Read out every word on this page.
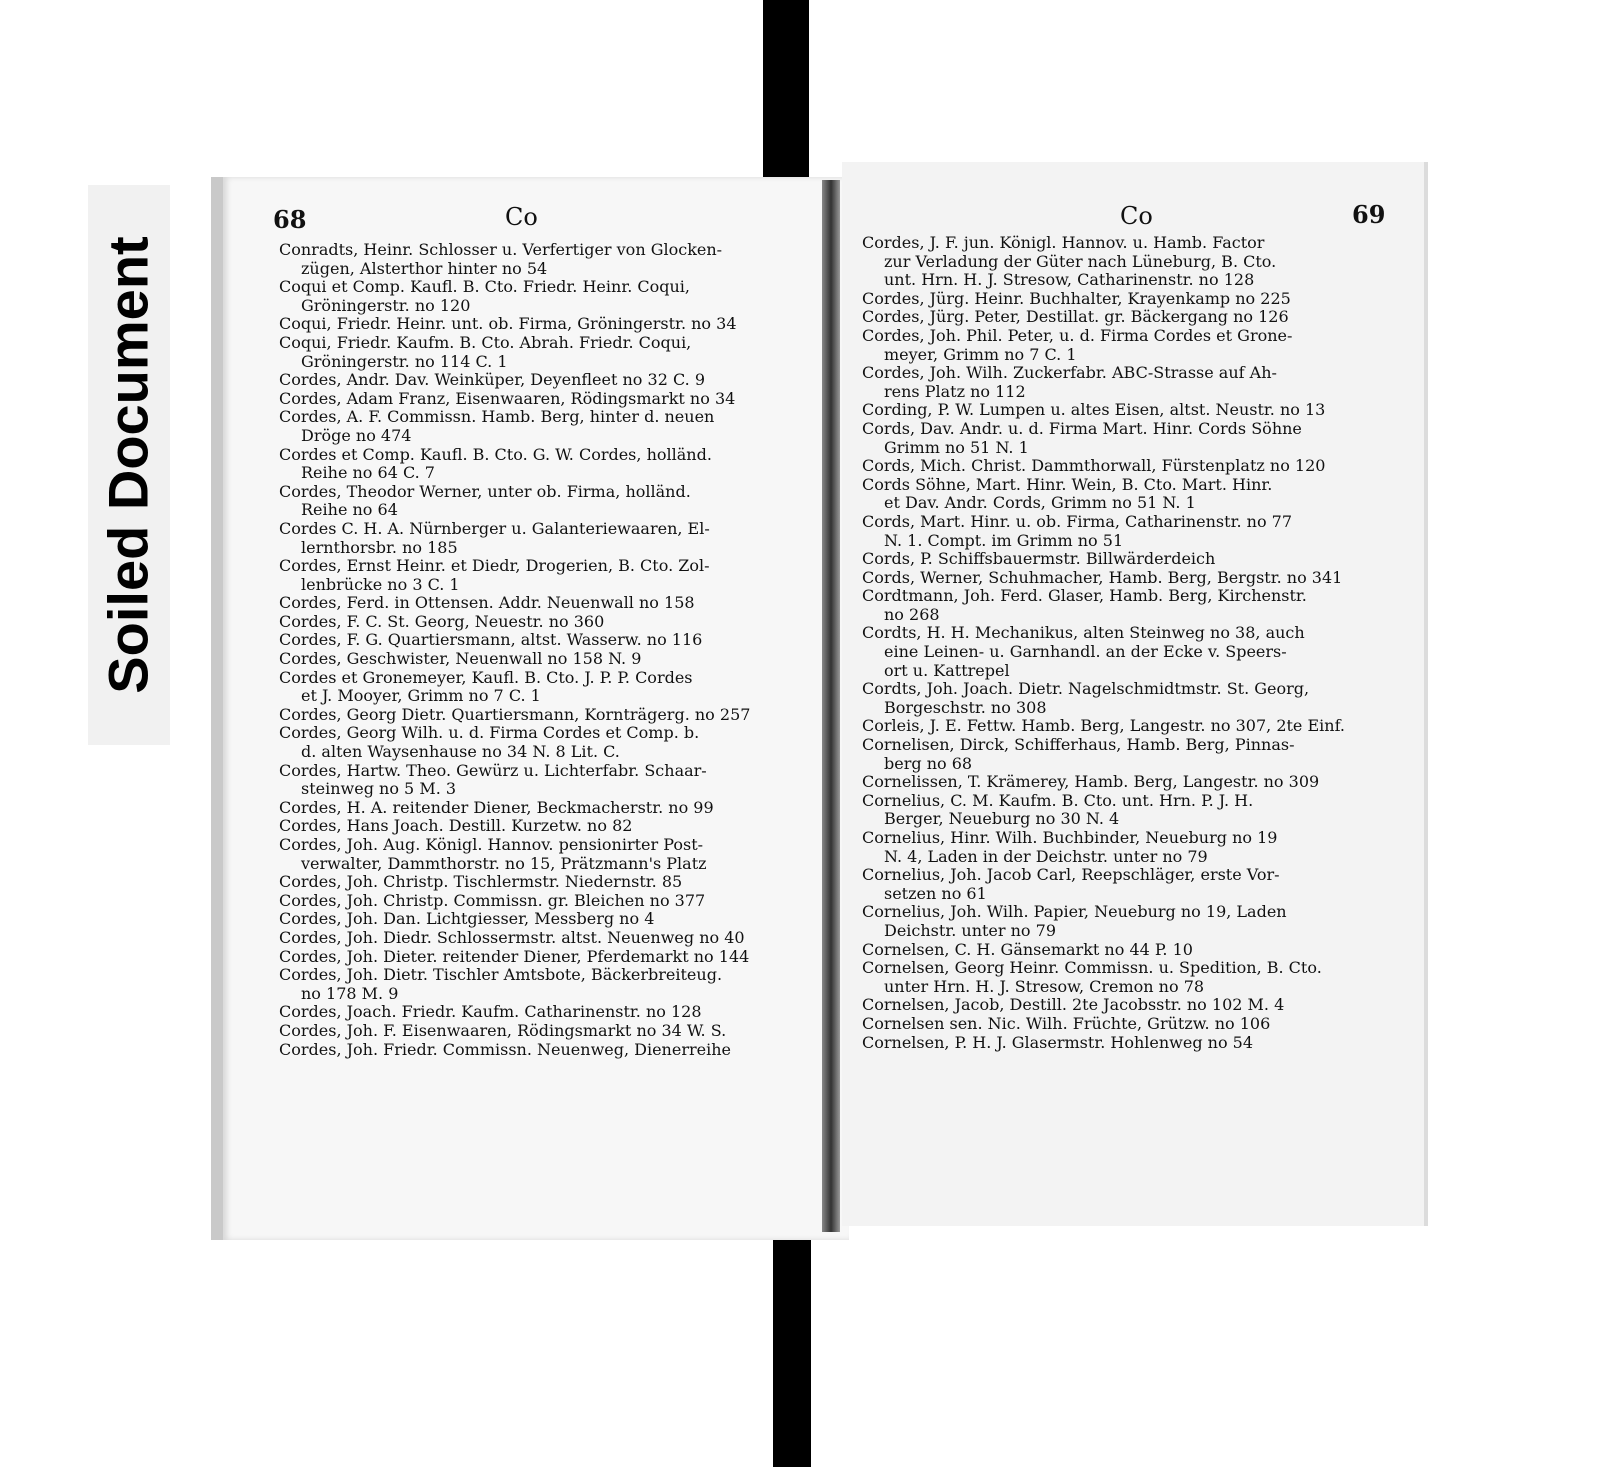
Soiled Document
68	Co
Conradts, Heinr. Schlosser u. Verfertiger von Glocken-
zügen, Alsterthor hinter no 54
Coqui et Comp. Kaufl. B. Cto. Friedr. Heinr. Coqui,
Gröningerstr. no 120
Coqui, Friedr. Heinr. unt. ob. Firma, Gröningerstr. no 34
Coqui, Friedr. Kaufm. B. Cto. Abrah. Friedr. Coqui,
Gröningerstr. no 114 C. 1
Cordes, Andr. Dav. Weinküper, Deyenfleet no 32 C. 9
Cordes, Adam Franz, Eisenwaaren, Rödingsmarkt no 34
Cordes, A. F. Commissn. Hamb. Berg, hinter d. neuen
Dröge no 474
Cordes et Comp. Kaufl. B. Cto. G. W. Cordes, holländ.
Reihe no 64 C. 7
Cordes, Theodor Werner, unter ob. Firma, holländ.
Reihe no 64
Cordes C. H. A. Nürnberger u. Galanteriewaaren, El-
lernthorsbr. no 185
Cordes, Ernst Heinr. et Diedr, Drogerien, B. Cto. Zol-
lenbrücke no 3 C. 1
Cordes, Ferd. in Ottensen. Addr. Neuenwall no 158
Cordes, F. C. St. Georg, Neuestr. no 360
Cordes, F. G. Quartiersmann, altst. Wasserw. no 116
Cordes, Geschwister, Neuenwall no 158 N. 9
Cordes et Gronemeyer, Kaufl. B. Cto. J. P. P. Cordes
et J. Mooyer, Grimm no 7 C. 1
Cordes, Georg Dietr. Quartiersmann, Kornträgerg. no 257
Cordes, Georg Wilh. u. d. Firma Cordes et Comp. b.
d. alten Waysenhause no 34 N. 8 Lit. C.
Cordes, Hartw. Theo. Gewürz u. Lichterfabr. Schaar-
steinweg no 5 M. 3
Cordes, H. A. reitender Diener, Beckmacherstr. no 99
Cordes, Hans Joach. Destill. Kurzetw. no 82
Cordes, Joh. Aug. Königl. Hannov. pensionirter Post-
verwalter, Dammthorstr. no 15, Prätzmann's Platz
Cordes, Joh. Christp. Tischlermstr. Niedernstr. 85
Cordes, Joh. Christp. Commissn. gr. Bleichen no 377
Cordes, Joh. Dan. Lichtgiesser, Messberg no 4
Cordes, Joh. Diedr. Schlossermstr. altst. Neuenweg no 40
Cordes, Joh. Dieter. reitender Diener, Pferdemarkt no 144
Cordes, Joh. Dietr. Tischler Amtsbote, Bäckerbreiteug.
no 178 M. 9
Cordes, Joach. Friedr. Kaufm. Catharinenstr. no 128
Cordes, Joh. F. Eisenwaaren, Rödingsmarkt no 34 W. S.
Cordes, Joh. Friedr. Commissn. Neuenweg, Dienerreihe
Co	69
Cordes, J. F. jun. Königl. Hannov. u. Hamb. Factor
zur Verladung der Güter nach Lüneburg, B. Cto.
unt. Hrn. H. J. Stresow, Catharinenstr. no 128
Cordes, Jürg. Heinr. Buchhalter, Krayenkamp no 225
Cordes, Jürg. Peter, Destillat. gr. Bäckergang no 126
Cordes, Joh. Phil. Peter, u. d. Firma Cordes et Grone-
meyer, Grimm no 7 C. 1
Cordes, Joh. Wilh. Zuckerfabr. ABC-Strasse auf Ah-
rens Platz no 112
Cording, P. W. Lumpen u. altes Eisen, altst. Neustr. no 13
Cords, Dav. Andr. u. d. Firma Mart. Hinr. Cords Söhne
Grimm no 51 N. 1
Cords, Mich. Christ. Dammthorwall, Fürstenplatz no 120
Cords Söhne, Mart. Hinr. Wein, B. Cto. Mart. Hinr.
et Dav. Andr. Cords, Grimm no 51 N. 1
Cords, Mart. Hinr. u. ob. Firma, Catharinenstr. no 77
N. 1. Compt. im Grimm no 51
Cords, P. Schiffsbauermstr. Billwärderdeich
Cords, Werner, Schuhmacher, Hamb. Berg, Bergstr. no 341
Cordtmann, Joh. Ferd. Glaser, Hamb. Berg, Kirchenstr.
no 268
Cordts, H. H. Mechanikus, alten Steinweg no 38, auch
eine Leinen- u. Garnhandl. an der Ecke v. Speers-
ort u. Kattrepel
Cordts, Joh. Joach. Dietr. Nagelschmidtmstr. St. Georg,
Borgeschstr. no 308
Corleis, J. E. Fettw. Hamb. Berg, Langestr. no 307, 2te Einf.
Cornelisen, Dirck, Schifferhaus, Hamb. Berg, Pinnas-
berg no 68
Cornelissen, T. Krämerey, Hamb. Berg, Langestr. no 309
Cornelius, C. M. Kaufm. B. Cto. unt. Hrn. P. J. H.
Berger, Neueburg no 30 N. 4
Cornelius, Hinr. Wilh. Buchbinder, Neueburg no 19
N. 4, Laden in der Deichstr. unter no 79
Cornelius, Joh. Jacob Carl, Reepschläger, erste Vor-
setzen no 61
Cornelius, Joh. Wilh. Papier, Neueburg no 19, Laden
Deichstr. unter no 79
Cornelsen, C. H. Gänsemarkt no 44 P. 10
Cornelsen, Georg Heinr. Commissn. u. Spedition, B. Cto.
unter Hrn. H. J. Stresow, Cremon no 78
Cornelsen, Jacob, Destill. 2te Jacobsstr. no 102 M. 4
Cornelsen sen. Nic. Wilh. Früchte, Grützw. no 106
Cornelsen, P. H. J. Glasermstr. Hohlenweg no 54
